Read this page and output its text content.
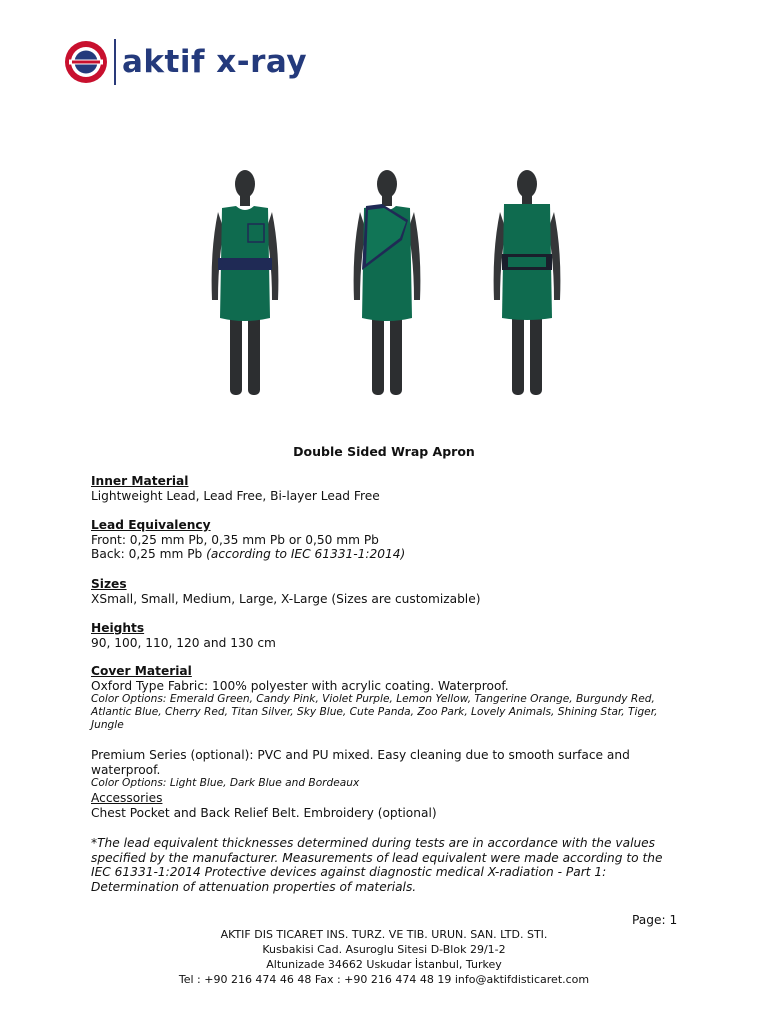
aktif x-ray
Double Sided Wrap Apron
Inner Material
Lightweight Lead, Lead Free, Bi-layer Lead Free
Lead Equivalency
Front: 0,25 mm Pb, 0,35 mm Pb or 0,50 mm Pb
Back: 0,25 mm Pb (according to IEC 61331-1:2014)
Sizes
XSmall, Small, Medium, Large, X-Large (Sizes are customizable)
Heights
90, 100, 110, 120 and 130 cm
Cover Material
Oxford Type Fabric: 100% polyester with acrylic coating. Waterproof.
Color Options: Emerald Green, Candy Pink, Violet Purple, Lemon Yellow, Tangerine Orange, Burgundy Red, Atlantic Blue, Cherry Red, Titan Silver, Sky Blue, Cute Panda, Zoo Park, Lovely Animals, Shining Star, Tiger, Jungle
Premium Series (optional): PVC and PU mixed. Easy cleaning due to smooth surface and waterproof.
Color Options: Light Blue, Dark Blue and Bordeaux
Accessories
Chest Pocket and Back Relief Belt. Embroidery (optional)
*The lead equivalent thicknesses determined during tests are in accordance with the values specified by the manufacturer. Measurements of lead equivalent were made according to the IEC 61331-1:2014 Protective devices against diagnostic medical X-radiation - Part 1: Determination of attenuation properties of materials.
Page: 1
AKTIF DIS TICARET INS. TURZ. VE TIB. URUN. SAN. LTD. STI.
Kusbakisi Cad. Asuroglu Sitesi D-Blok 29/1-2
Altunizade 34662 Uskudar İstanbul, Turkey
Tel : +90 216 474 46 48 Fax : +90 216 474 48 19 info@aktifdisticaret.com
